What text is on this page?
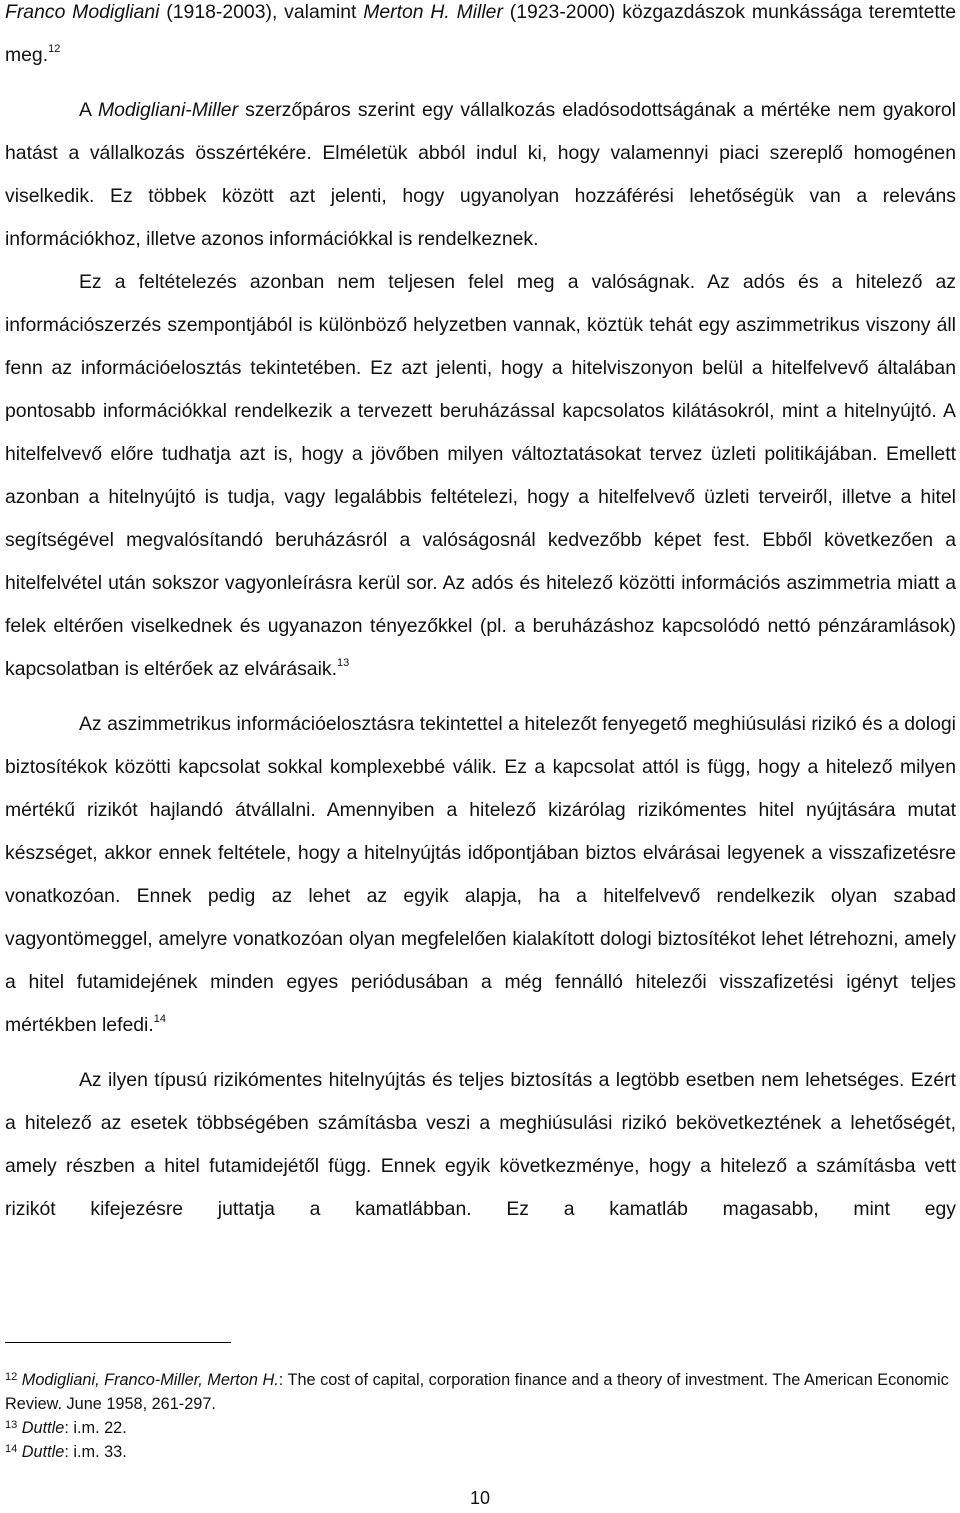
Franco Modigliani (1918-2003), valamint Merton H. Miller (1923-2000) közgazdászok munkássága teremtette meg.$^{12}$

A Modigliani-Miller szerzőpáros szerint egy vállalkozás eladósodottságának a mértéke nem gyakorol hatást a vállalkozás összértékére. Elméletük abból indul ki, hogy valamennyi piaci szereplő homogénen viselkedik. Ez többek között azt jelenti, hogy ugyanolyan hozzáférési lehetőségük van a releváns információkhoz, illetve azonos információkkal is rendelkeznek.

Ez a feltételezés azonban nem teljesen felel meg a valóságnak. Az adós és a hitelező az információszerzés szempontjából is különböző helyzetben vannak, köztük tehát egy aszimmetrikus viszony áll fenn az információelosztás tekintetében. Ez azt jelenti, hogy a hitelviszonyon belül a hitelfelvevő általában pontosabb információkkal rendelkezik a tervezett beruházással kapcsolatos kilátásokról, mint a hitelnyújtó. A hitelfelvevő előre tudhatja azt is, hogy a jövőben milyen változtatásokat tervez üzleti politikájában. Emellett azonban a hitelnyújtó is tudja, vagy legalábbis feltételezi, hogy a hitelfelvevő üzleti terveiről, illetve a hitel segítségével megvalósítandó beruházásról a valóságosnál kedvezőbb képet fest. Ebből következően a hitelfelvétel után sokszor vagyonleírásra kerül sor. Az adós és hitelező közötti információs aszimmetria miatt a felek eltérően viselkednek és ugyanazon tényezőkkel (pl. a beruházáshoz kapcsolódó nettó pénzáramlások) kapcsolatban is eltérőek az elvárásaik.$^{13}$

Az aszimmetrikus információelosztásra tekintettel a hitelezőt fenyegető meghiúsulási rizikó és a dologi biztosítékok közötti kapcsolat sokkal komplexebbé válik. Ez a kapcsolat attól is függ, hogy a hitelező milyen mértékű rizikót hajlandó átvállalni. Amennyiben a hitelező kizárólag rizikómentes hitel nyújtására mutat készséget, akkor ennek feltétele, hogy a hitelnyújtás időpontjában biztos elvárásai legyenek a visszafizetésre vonatkozóan. Ennek pedig az lehet az egyik alapja, ha a hitelfelvevő rendelkezik olyan szabad vagyontömeggel, amelyre vonatkozóan olyan megfelelően kialakított dologi biztosítékot lehet létrehozni, amely a hitel futamidejének minden egyes periódusában a még fennálló hitelezői visszafizetési igényt teljes mértékben lefedi.$^{14}$

Az ilyen típusú rizikómentes hitelnyújtás és teljes biztosítás a legtöbb esetben nem lehetséges. Ezért a hitelező az esetek többségében számításba veszi a meghiúsulási rizikó bekövetkeztének a lehetőségét, amely részben a hitel futamidejétől függ. Ennek egyik következménye, hogy a hitelező a számításba vett rizikót kifejezésre juttatja a kamatlábban. Ez a kamatláb magasabb, mint egy

$^{12}$ Modigliani, Franco-Miller, Merton H.: The cost of capital, corporation finance and a theory of investment. The American Economic Review. June 1958, 261-297.

$^{13}$ Duttle: i.m. 22.

$^{14}$ Duttle: i.m. 33.

10
